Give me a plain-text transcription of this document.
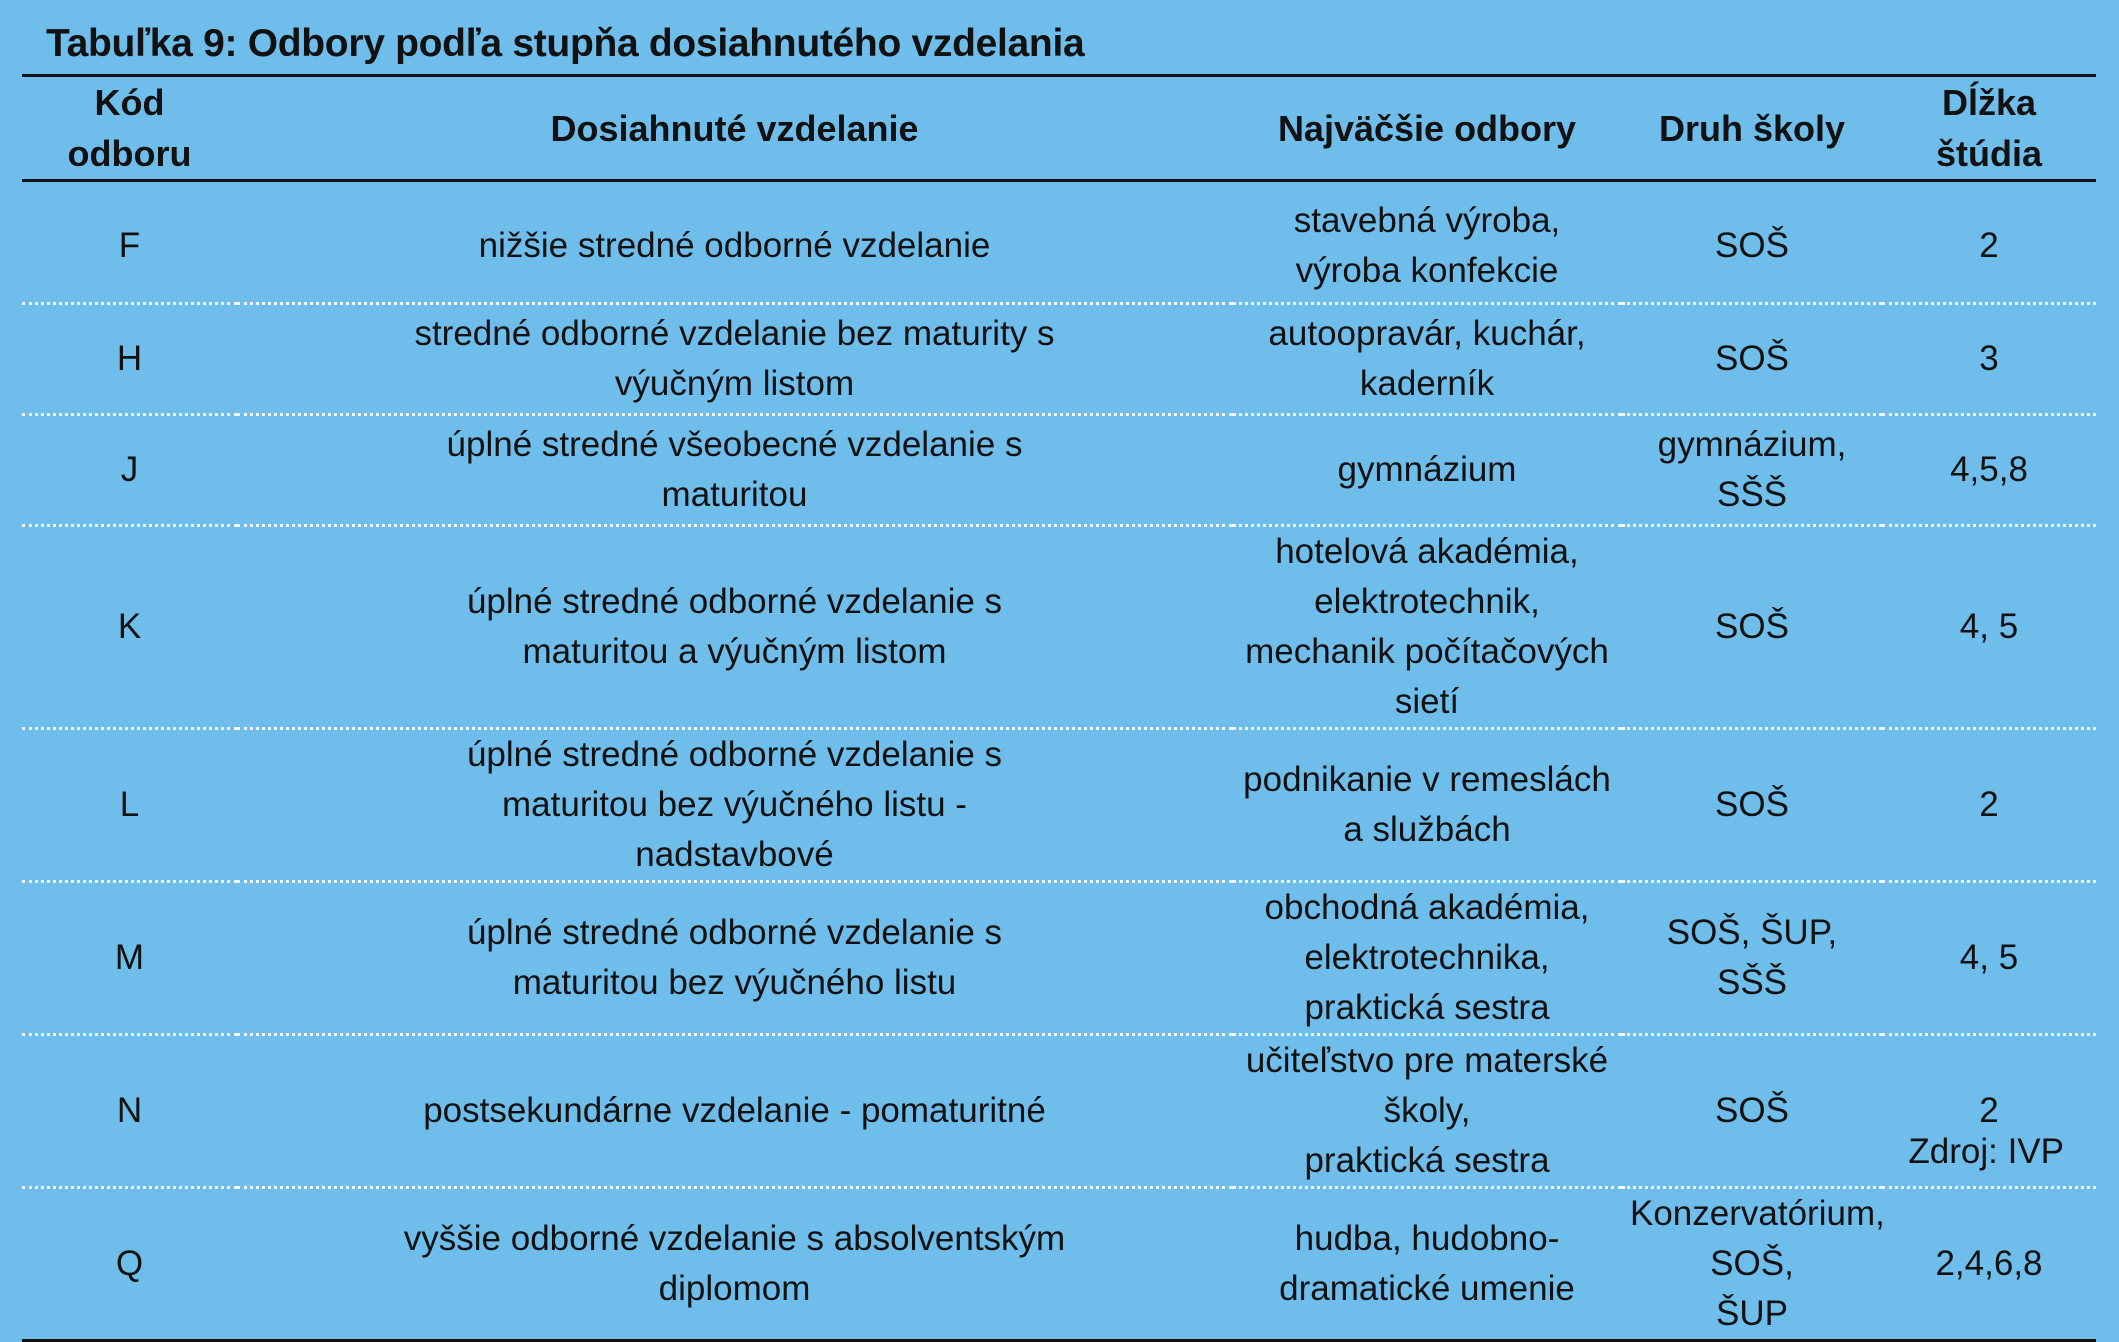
Tabuľka 9: Odbory podľa stupňa dosiahnutého vzdelania
Kód
odboru	Dosiahnuté vzdelanie	Najväčšie odbory	Druh školy	Dĺžka
štúdia

F	nižšie stredné odborné vzdelanie	stavebná výroba, výroba konfekcie	SOŠ	2
H	stredné odborné vzdelanie bez maturity s
výučným listom	autoopravár, kuchár, kaderník	SOŠ	3
J	úplné stredné všeobecné vzdelanie s
maturitou	gymnázium	gymnázium, SŠŠ	4,5,8
K	úplné stredné odborné vzdelanie s
maturitou a výučným listom	hotelová akadémia, elektrotechnik,
mechanik počítačových sietí	SOŠ	4, 5
L	úplné stredné odborné vzdelanie s
maturitou bez výučného listu -
nadstavbové	podnikanie v remeslách a službách	SOŠ	2
M	úplné stredné odborné vzdelanie s
maturitou bez výučného listu	obchodná akadémia,
elektrotechnika, praktická sestra	SOŠ, ŠUP, SŠŠ	4, 5
N	postsekundárne vzdelanie - pomaturitné	učiteľstvo pre materské školy,
praktická sestra	SOŠ	2
Q	vyššie odborné vzdelanie s absolventským
diplomom	hudba, hudobno-dramatické umenie	Konzervatórium, SOŠ,
ŠUP	2,4,6,8
Zdroj: IVP
